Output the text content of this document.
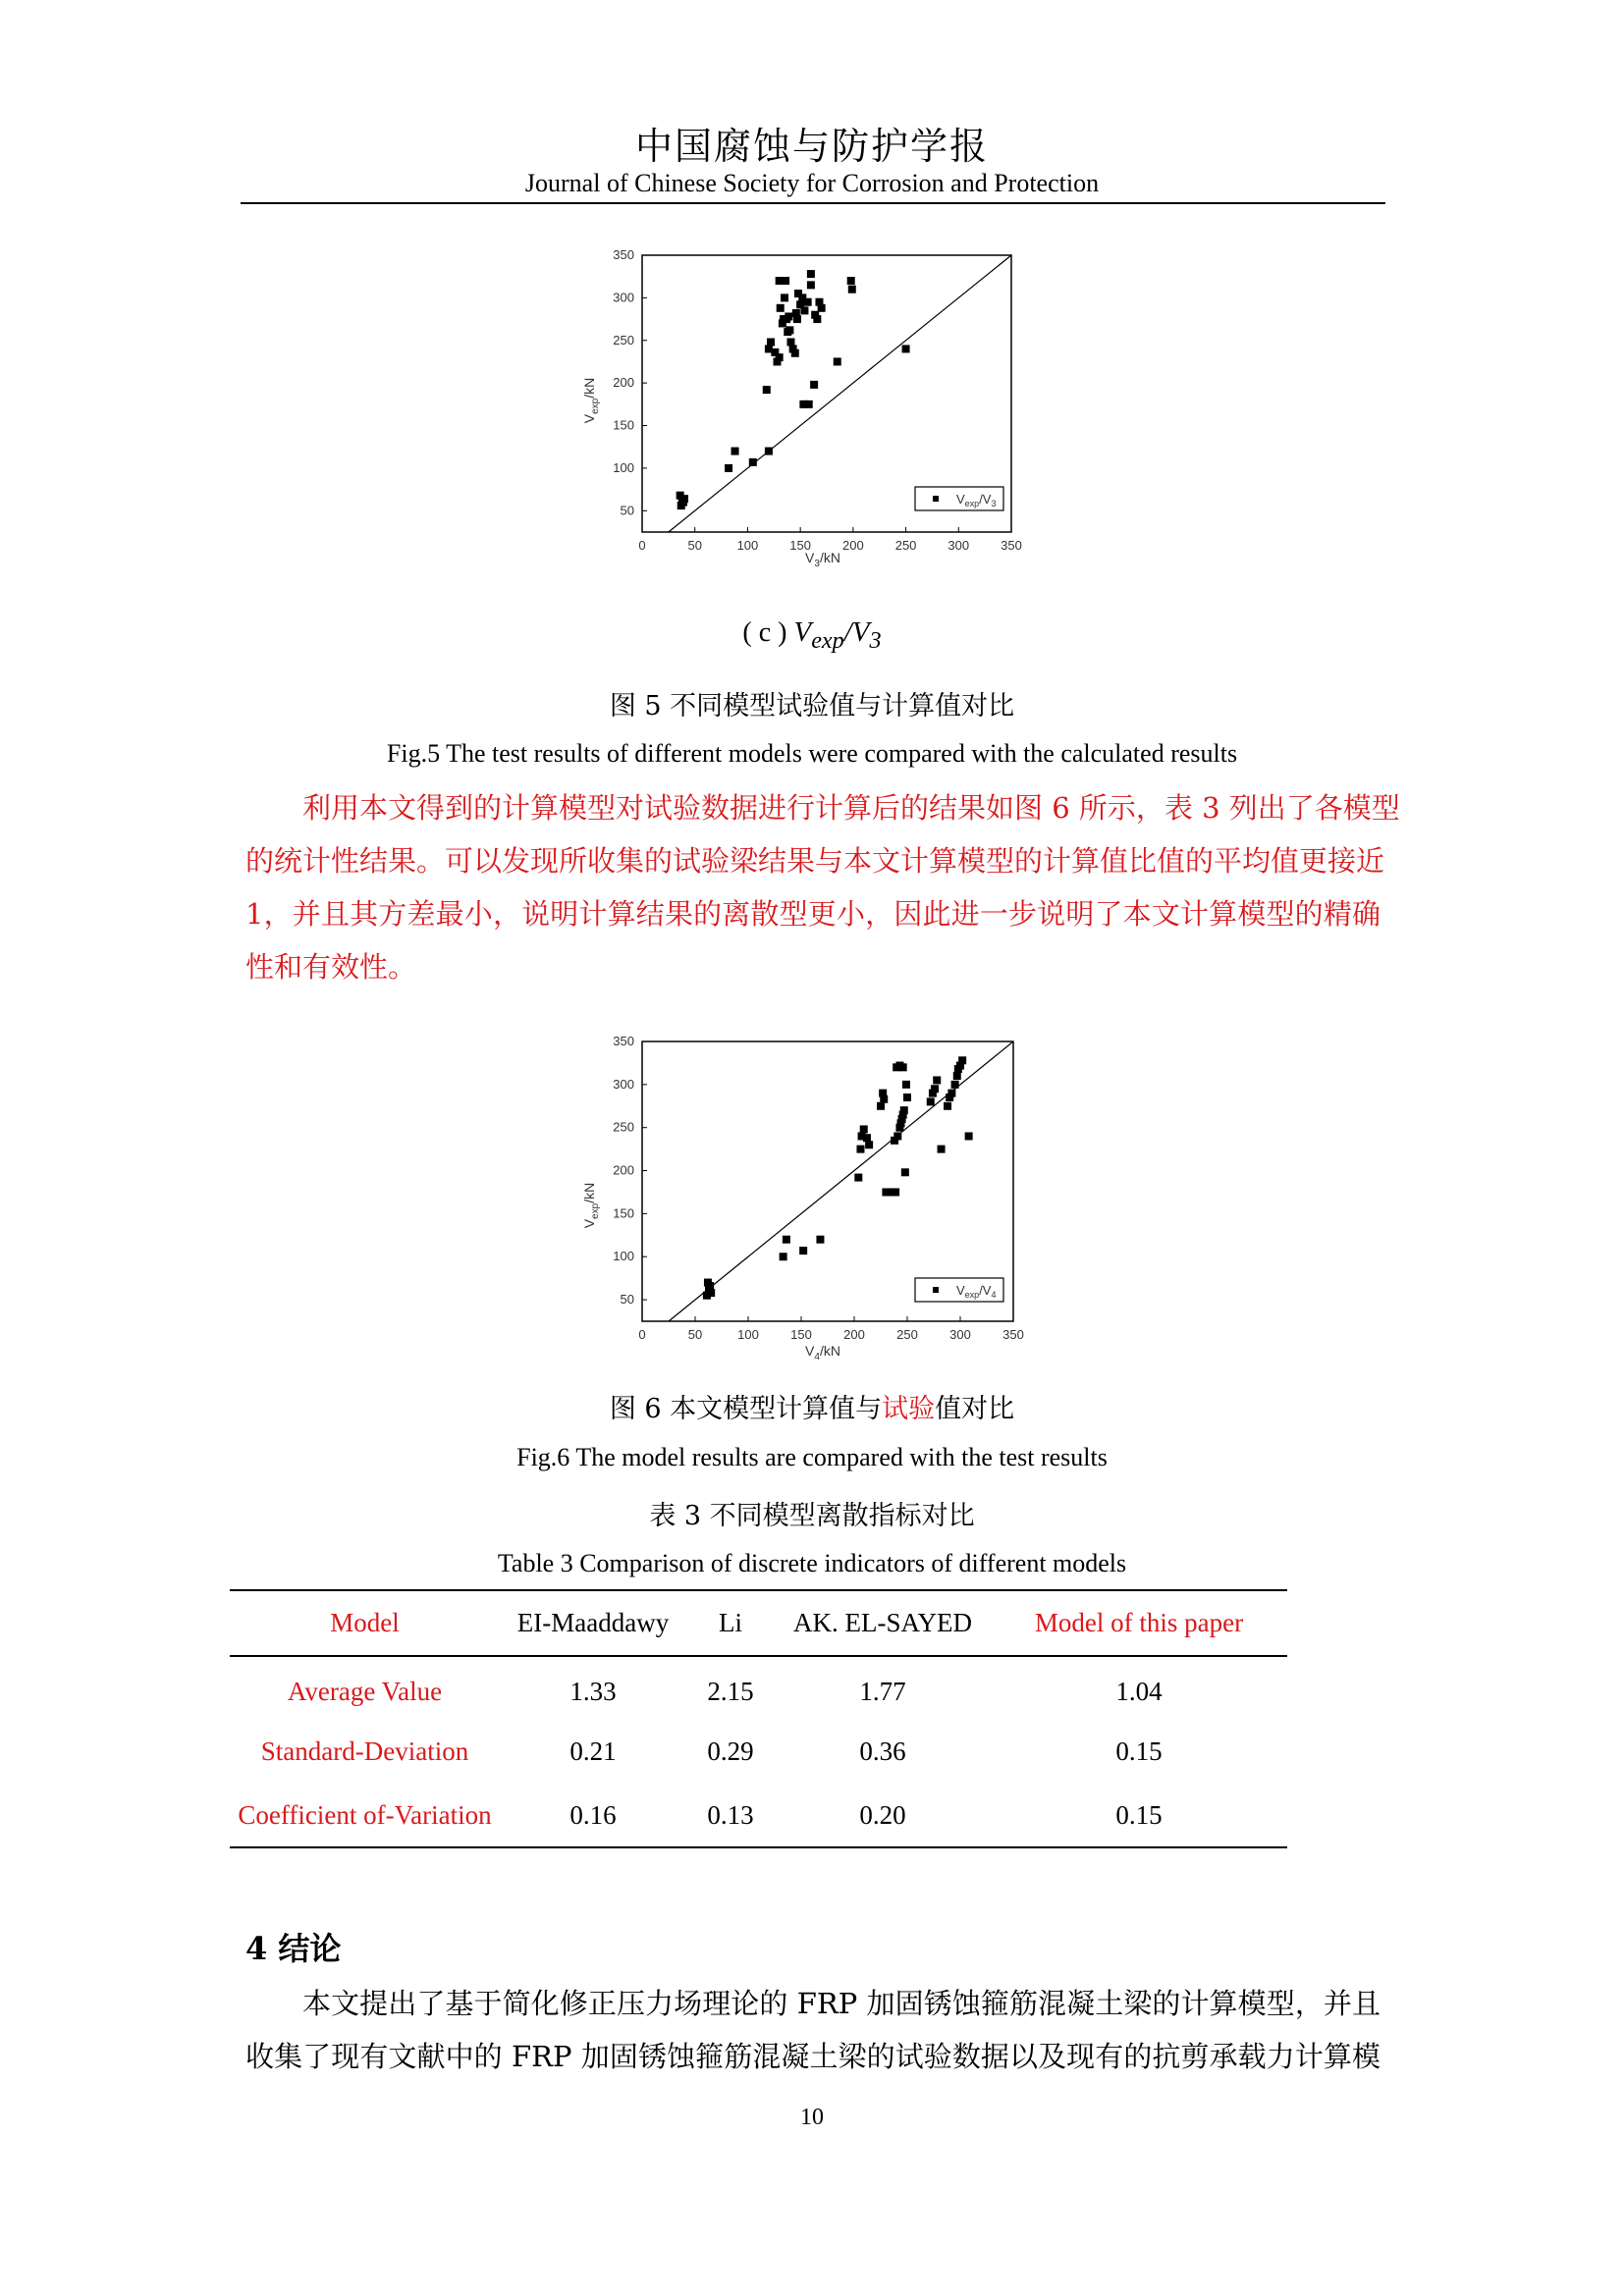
中国腐蚀与防护学报
Journal of Chinese Society for Corrosion and Protection
0	50	100 150 200 250 300 350
50
100
150
200
250
300
350
$V_{exp}/kN$
$V_3/kN$
$V_{exp}/V_3$
( c ) $V_{exp}/V_3$
图 5 不同模型试验值与计算值对比
Fig.5 The test results of different models were compared with the calculated results
利用本文得到的计算模型对试验数据进行计算后的结果如图 6 所示，表 3 列出了各模型
的统计性结果。可以发现所收集的试验梁结果与本文计算模型的计算值比值的平均值更接近
1，并且其方差最小，说明计算结果的离散型更小，因此进一步说明了本文计算模型的精确
性和有效性。
0	50	100 150 200 250 300 350
50
100
150
200
250
300
350
$V_{exp}/kN$
$V_4/kN$
$V_{exp}/V_4$
图 6 本文模型计算值与试验值对比
Fig.6 The model results are compared with the test results
表 3 不同模型离散指标对比
Table 3 Comparison of discrete indicators of different models
Model	EI-Maaddawy	Li	AK. EL-SAYED	Model of this paper
Average Value	1.33	2.15	1.77	1.04
Standard-Deviation	0.21	0.29	0.36	0.15
Coefficient of-Variation	0.16	0.13	0.20	0.15
4 结论
本文提出了基于简化修正压力场理论的 FRP 加固锈蚀箍筋混凝土梁的计算模型，并且
收集了现有文献中的 FRP 加固锈蚀箍筋混凝土梁的试验数据以及现有的抗剪承载力计算模
10
